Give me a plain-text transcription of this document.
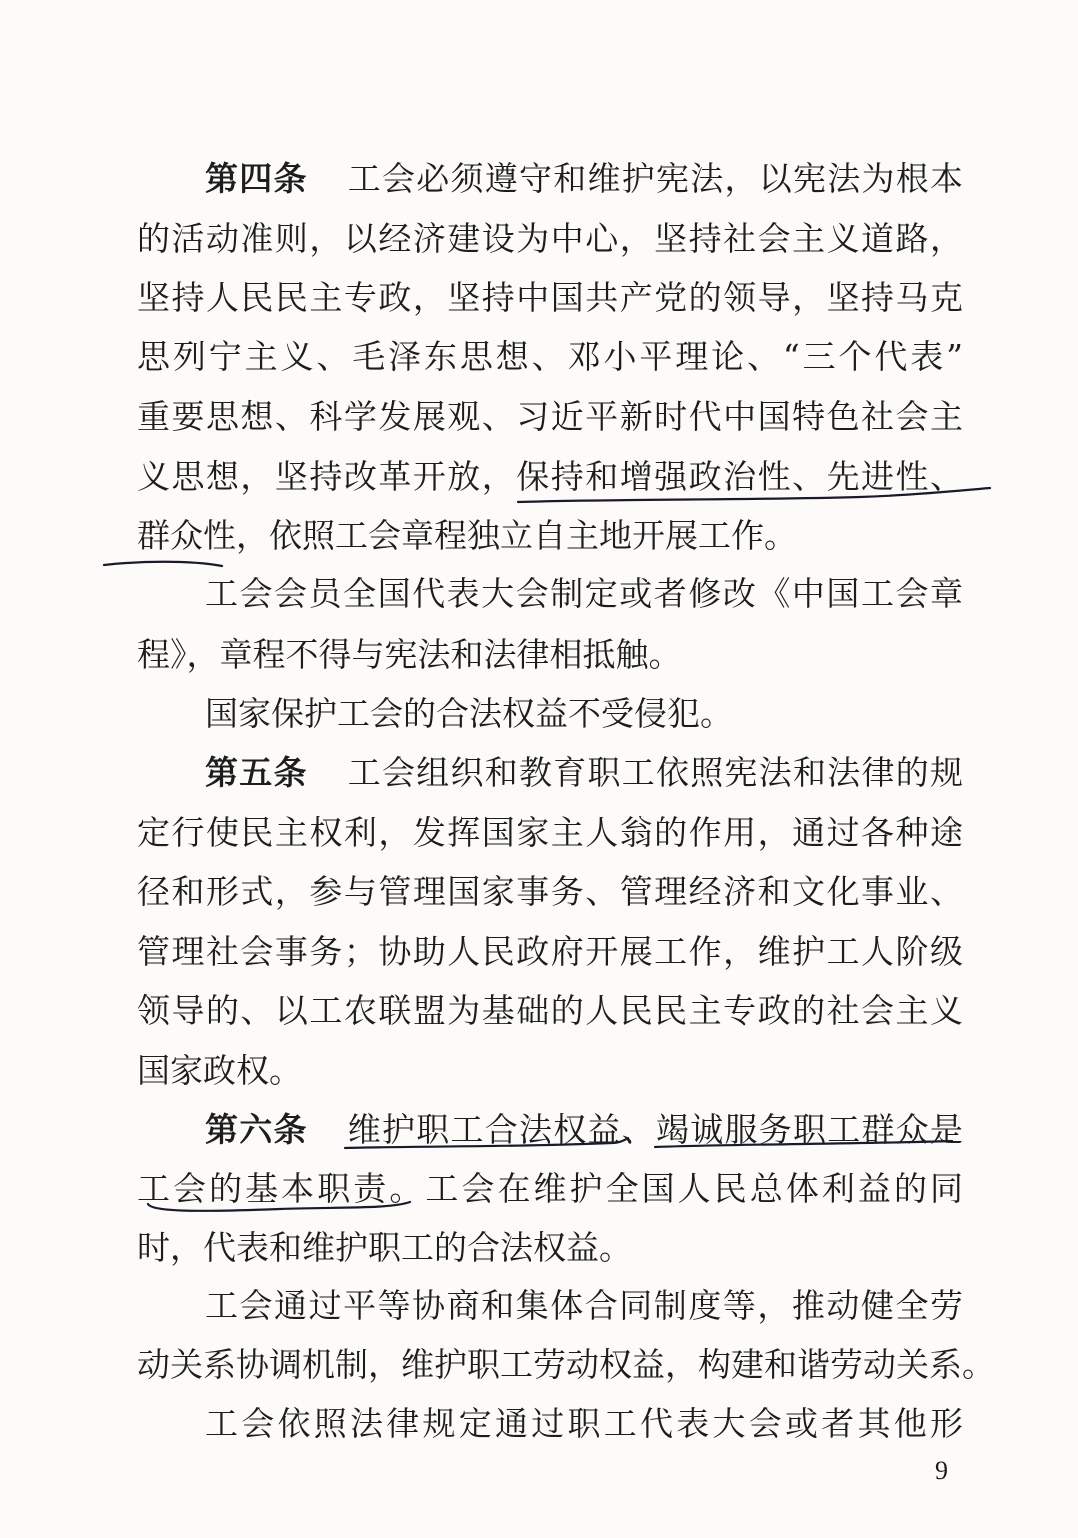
第四条 工会必须遵守和维护宪法，以宪法为根本
的活动准则，以经济建设为中心，坚持社会主义道路，
坚持人民民主专政，坚持中国共产党的领导，坚持马克
思列宁主义、毛泽东思想、邓小平理论、“三个代表”
重要思想、科学发展观、习近平新时代中国特色社会主
义思想，坚持改革开放，保持和增强政治性、先进性、
群众性，依照工会章程独立自主地开展工作。
工会会员全国代表大会制定或者修改《中国工会章
程》，章程不得与宪法和法律相抵触。
国家保护工会的合法权益不受侵犯。
第五条 工会组织和教育职工依照宪法和法律的规
定行使民主权利，发挥国家主人翁的作用，通过各种途
径和形式，参与管理国家事务、管理经济和文化事业、
管理社会事务；协助人民政府开展工作，维护工人阶级
领导的、以工农联盟为基础的人民民主专政的社会主义
国家政权。
第六条 维护职工合法权益、竭诚服务职工群众是
工会的基本职责。工会在维护全国人民总体利益的同
时，代表和维护职工的合法权益。
工会通过平等协商和集体合同制度等，推动健全劳
动关系协调机制，维护职工劳动权益，构建和谐劳动关系。
工会依照法律规定通过职工代表大会或者其他形
9
